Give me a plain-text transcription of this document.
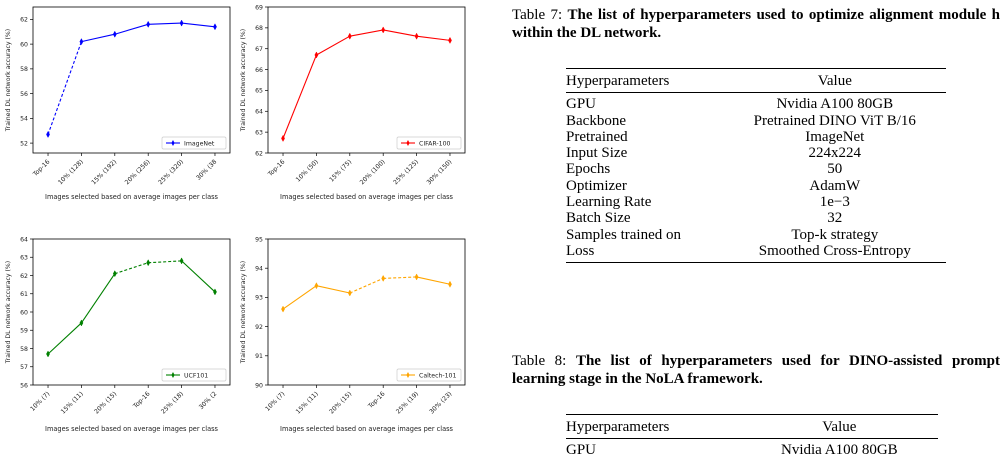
52
54
56
58
60
62
Top-16 10% (128) 15% (192) 20% (256) 25% (320) 30% (38
Trained DL network accuracy (%)
Images selected based on average images per class
ImageNet
62
63
64
65
66
67
68
69
Top-16 10% (50) 15% (75) 20% (100) 25% (125) 30% (150)
Trained DL network accuracy (%)
Images selected based on average images per class
CIFAR-100
56
57
58
59
60
61
62
63
64
10% (7) 15% (11) 20% (15) Top-16 25% (18) 30% (2
Trained DL network accuracy (%)
Images selected based on average images per class
UCF101
90
91
92
93
94
95
10% (7) 15% (11) 20% (15) Top-16 25% (19) 30% (23)
Trained DL network accuracy (%)
Images selected based on average images per class
Caltech-101
Table 7: The list of hyperparameters used to optimize alignment module h within the DL network.
Hyperparameters	Value
GPU	Nvidia A100 80GB
Backbone	Pretrained DINO ViT B/16
Pretrained	ImageNet
Input Size	224x224
Epochs	50
Optimizer	AdamW
Learning Rate	1e−3
Batch Size	32
Samples trained on	Top-k strategy
Loss	Smoothed Cross-Entropy
Table 8: The list of hyperparameters used for DINO-assisted prompt learning stage in the NoLA framework.
Hyperparameters	Value
GPU	Nvidia A100 80GB
